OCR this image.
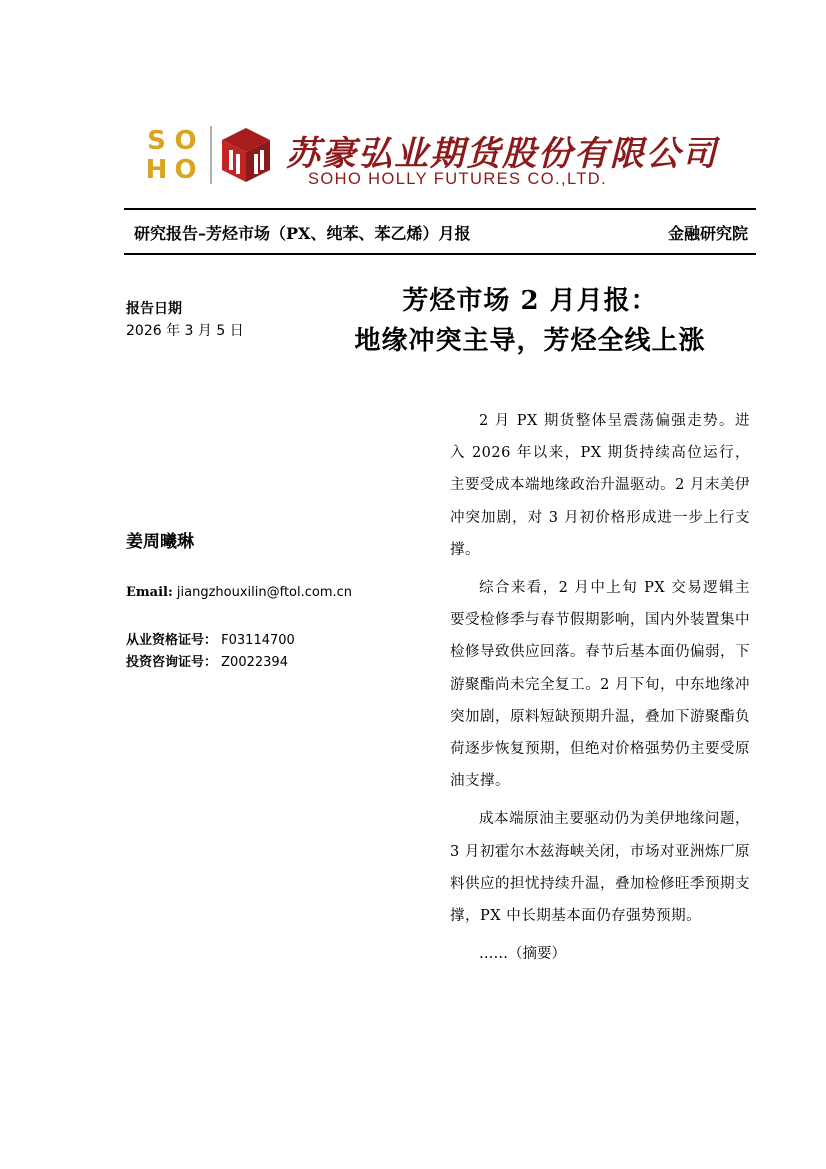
S O
H O	苏豪弘业期货股份有限公司
SOHO HOLLY FUTURES CO.,LTD.
研究报告–芳烃市场（PX、纯苯、苯乙烯）月报	金融研究院
报告日期
2026 年 3 月 5 日
芳烃市场 2 月月报：
地缘冲突主导，芳烃全线上涨
姜周曦琳
Email: jiangzhouxilin@ftol.com.cn
从业资格证号： F03114700
投资咨询证号： Z0022394

2 月 PX 期货整体呈震荡偏强走势。进入 2026 年以来，PX 期货持续高位运行，主要受成本端地缘政治升温驱动。2 月末美伊冲突加剧，对 3 月初价格形成进一步上行支撑。

综合来看，2 月中上旬 PX 交易逻辑主要受检修季与春节假期影响，国内外装置集中检修导致供应回落。春节后基本面仍偏弱，下游聚酯尚未完全复工。2 月下旬，中东地缘冲突加剧，原料短缺预期升温，叠加下游聚酯负荷逐步恢复预期，但绝对价格强势仍主要受原油支撑。

成本端原油主要驱动仍为美伊地缘问题，3 月初霍尔木兹海峡关闭，市场对亚洲炼厂原料供应的担忧持续升温，叠加检修旺季预期支撑，PX 中长期基本面仍存强势预期。

……（摘要）
